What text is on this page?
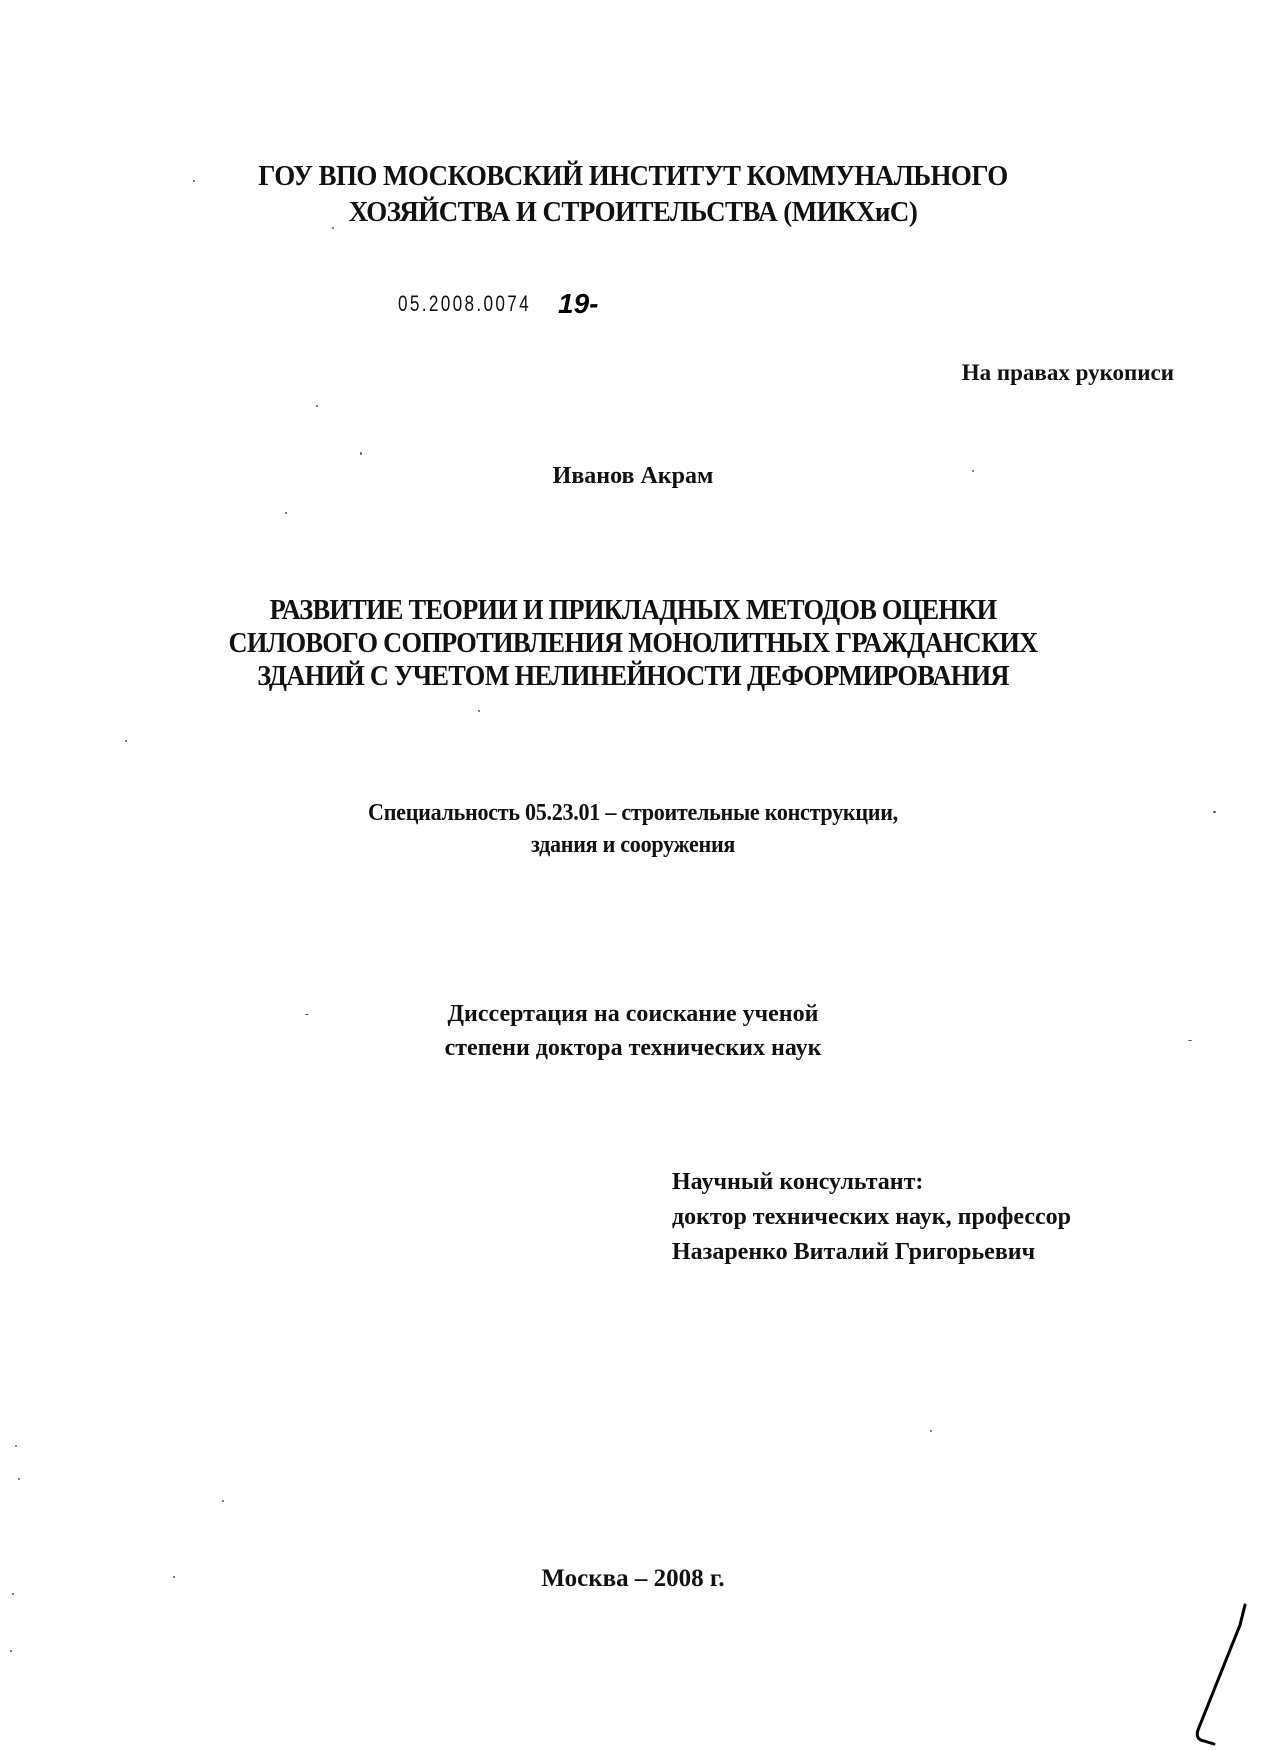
ГОУ ВПО МОСКОВСКИЙ ИНСТИТУТ КОММУНАЛЬНОГО
ХОЗЯЙСТВА И СТРОИТЕЛЬСТВА (МИКХиС)
05.2008.0074 19-
На правах рукописи
Иванов Акрам
РАЗВИТИЕ ТЕОРИИ И ПРИКЛАДНЫХ МЕТОДОВ ОЦЕНКИ
СИЛОВОГО СОПРОТИВЛЕНИЯ МОНОЛИТНЫХ ГРАЖДАНСКИХ
ЗДАНИЙ С УЧЕТОМ НЕЛИНЕЙНОСТИ ДЕФОРМИРОВАНИЯ
Специальность 05.23.01 – строительные конструкции,
здания и сооружения
Диссертация на соискание ученой
степени доктора технических наук
Научный консультант:
доктор технических наук, профессор
Назаренко Виталий Григорьевич
Москва – 2008 г.
